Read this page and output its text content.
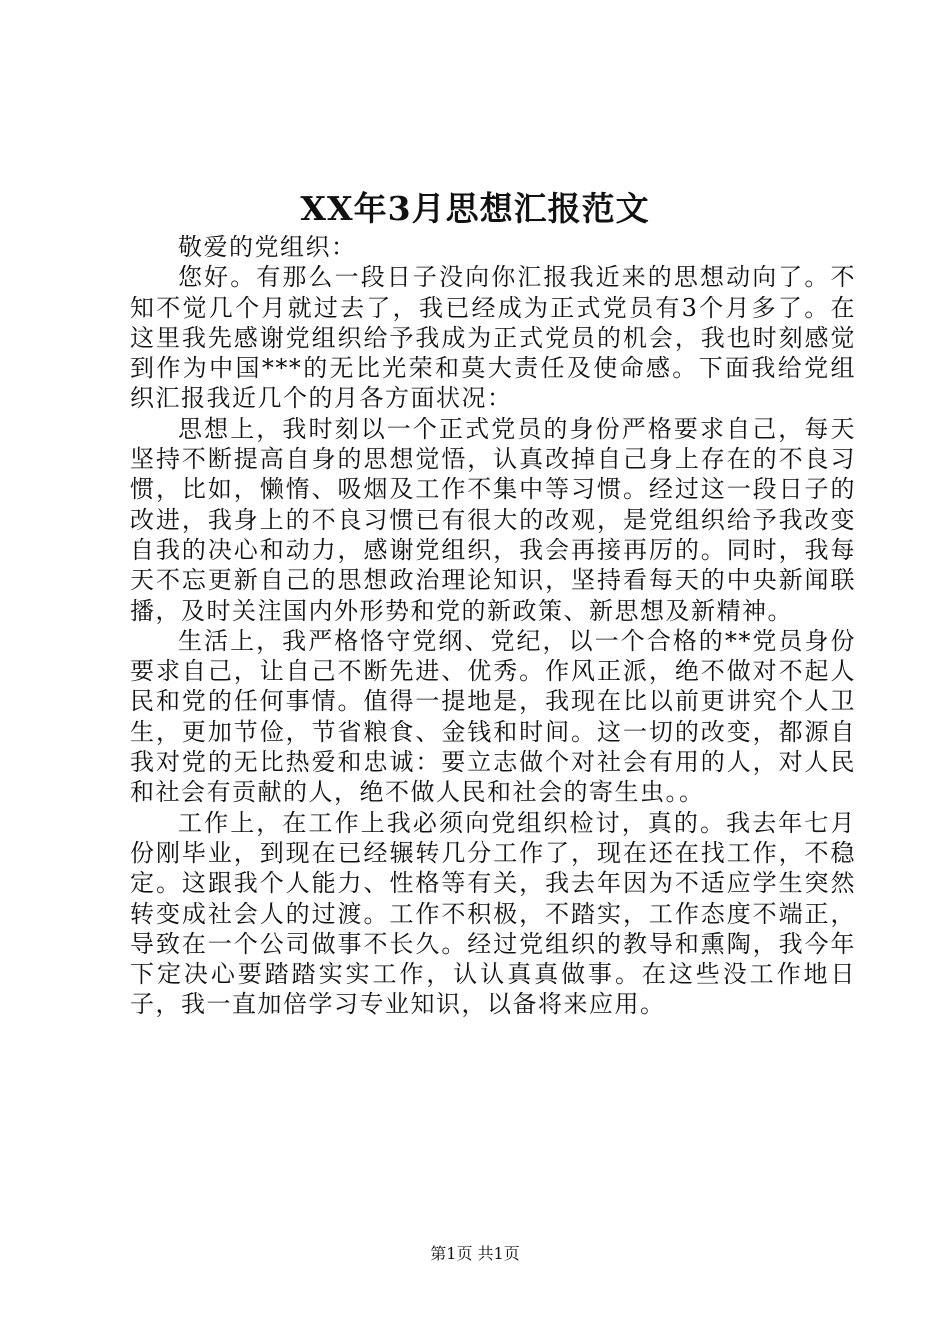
XX年3月思想汇报范文

敬爱的党组织：

您好。有那么一段日子没向你汇报我近来的思想动向了。不知不觉几个月就过去了，我已经成为正式党员有3个月多了。在这里我先感谢党组织给予我成为正式党员的机会，我也时刻感觉到作为中国***的无比光荣和莫大责任及使命感。下面我给党组织汇报我近几个的月各方面状况：

思想上，我时刻以一个正式党员的身份严格要求自己，每天坚持不断提高自身的思想觉悟，认真改掉自己身上存在的不良习惯，比如，懒惰、吸烟及工作不集中等习惯。经过这一段日子的改进，我身上的不良习惯已有很大的改观，是党组织给予我改变自我的决心和动力，感谢党组织，我会再接再厉的。同时，我每天不忘更新自己的思想政治理论知识，坚持看每天的中央新闻联播，及时关注国内外形势和党的新政策、新思想及新精神。

生活上，我严格恪守党纲、党纪，以一个合格的**党员身份要求自己，让自己不断先进、优秀。作风正派，绝不做对不起人民和党的任何事情。值得一提地是，我现在比以前更讲究个人卫生，更加节俭，节省粮食、金钱和时间。这一切的改变，都源自我对党的无比热爱和忠诚：要立志做个对社会有用的人，对人民和社会有贡献的人，绝不做人民和社会的寄生虫。。

工作上，在工作上我必须向党组织检讨，真的。我去年七月份刚毕业，到现在已经辗转几分工作了，现在还在找工作，不稳定。这跟我个人能力、性格等有关，我去年因为不适应学生突然转变成社会人的过渡。工作不积极，不踏实，工作态度不端正，导致在一个公司做事不长久。经过党组织的教导和熏陶，我今年下定决心要踏踏实实工作，认认真真做事。在这些没工作地日子，我一直加倍学习专业知识，以备将来应用。

第1页 共1页
